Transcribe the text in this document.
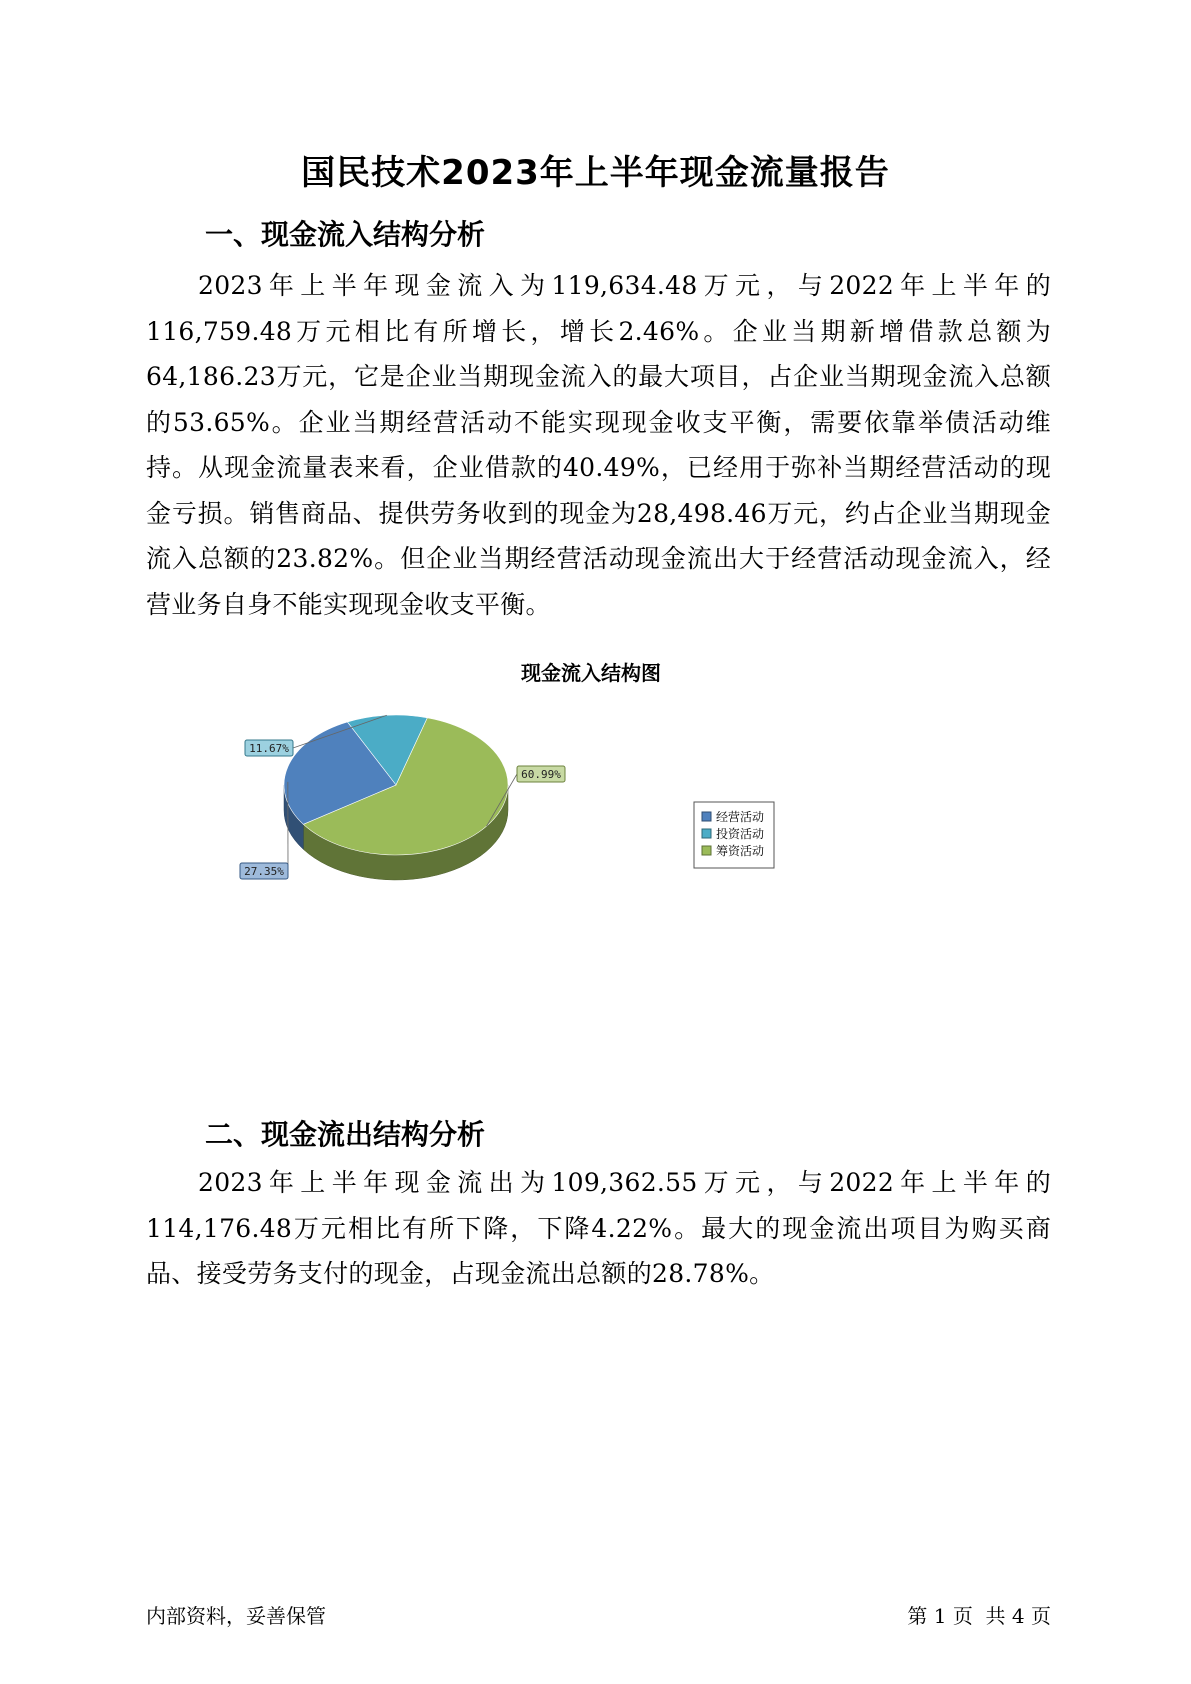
国民技术2023年上半年现金流量报告
一、现金流入结构分析
2023年上半年现金流入为119,634.48万元，与2022年上半年的116,759.48万元相比有所增长，增长2.46%。企业当期新增借款总额为64,186.23万元，它是企业当期现金流入的最大项目，占企业当期现金流入总额的53.65%。企业当期经营活动不能实现现金收支平衡，需要依靠举债活动维持。从现金流量表来看，企业借款的40.49%，已经用于弥补当期经营活动的现金亏损。销售商品、提供劳务收到的现金为28,498.46万元，约占企业当期现金流入总额的23.82%。但企业当期经营活动现金流出大于经营活动现金流入，经营业务自身不能实现现金收支平衡。
现金流入结构图
11.67%
60.99%
27.35%
经营活动
投资活动
筹资活动
二、现金流出结构分析
2023年上半年现金流出为109,362.55万元，与2022年上半年的114,176.48万元相比有所下降，下降4.22%。最大的现金流出项目为购买商品、接受劳务支付的现金，占现金流出总额的28.78%。
内部资料，妥善保管	第 1 页  共 4 页
